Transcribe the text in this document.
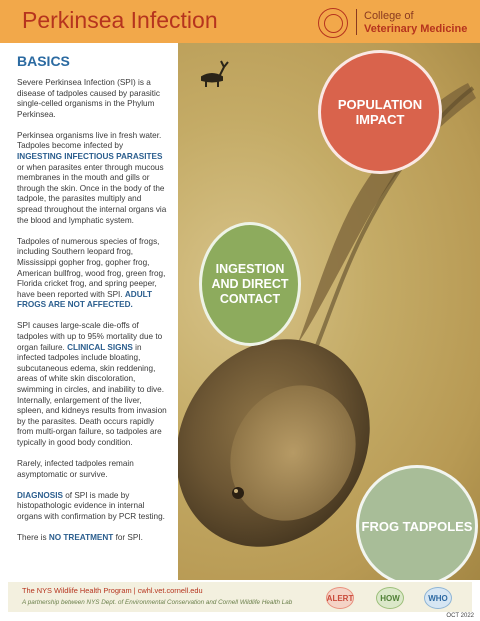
Perkinsea Infection	College of
Veterinary Medicine
BASICS

Severe Perkinsea Infection (SPI) is a disease of tadpoles caused by parasitic single-celled organisms in the Phylum Perkinsea.

Perkinsea organisms live in fresh water. Tadpoles become infected by INGESTING INFECTIOUS PARASITES or when parasites enter through mucous membranes in the mouth and gills or through the skin. Once in the body of the tadpole, the parasites multiply and spread throughout the internal organs via the blood and lymphatic system.

Tadpoles of numerous species of frogs, including Southern leopard frog, Mississippi gopher frog, gopher frog, American bullfrog, wood frog, green frog, Florida cricket frog, and spring peeper, have been reported with SPI. ADULT FROGS ARE NOT AFFECTED.

SPI causes large-scale die-offs of tadpoles with up to 95% mortality due to organ failure. CLINICAL SIGNS in infected tadpoles include bloating, subcutaneous edema, skin reddening, areas of white skin discoloration, swimming in circles, and inability to dive. Internally, enlargement of the liver, spleen, and kidneys results from invasion by the parasites. Death occurs rapidly from multi-organ failure, so tadpoles are typically in good body condition.

Rarely, infected tadpoles remain asymptomatic or survive.

DIAGNOSIS of SPI is made by histopathologic evidence in internal organs with confirmation by PCR testing.

There is NO TREATMENT for SPI.

POPULATION IMPACT
INGESTION AND DIRECT CONTACT
FROG TADPOLES
The NYS Wildlife Health Program | cwhl.vet.cornell.edu
A partnership between NYS Dept. of Environmental Conservation and Cornell Wildlife Health Lab	ALERT	HOW	WHO
OCT 2022
